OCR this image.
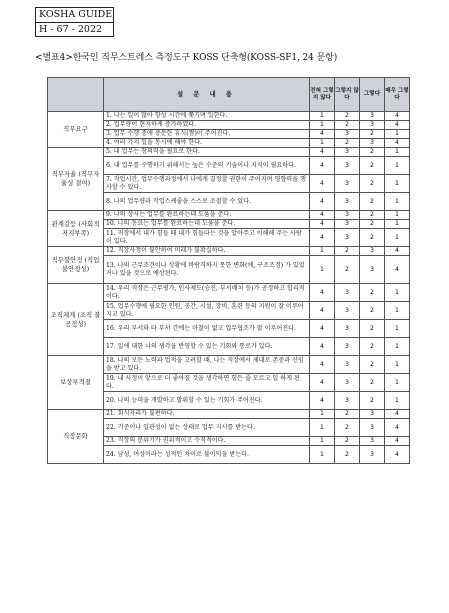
KOSHA GUIDE
H - 67 - 2022
<별표4>한국인 직무스트레스 측정도구 KOSS 단축형(KOSS-SF1, 24 문항)
	설 문 내 용	전혀 그렇지 않다	그렇지 않다	그렇다	매우 그렇다
직무요구	1. 나는 일이 많아 항상 시간에 쫓기며 일한다.	1	2	3	4
	2. 업무량이 현저하게 증가하였다.	1	2	3	4
	3. 업무 수행 중에 충분한 휴식(짬)이 주어진다.	4	3	2	1
	4. 여러 가지 일을 동시에 해야 한다.	1	2	3	4
직무자율 (직무자율성 결여)	5. 내 업무는 창의력을 필요로 한다.	4	3	2	1
	6. 내 업무를 수행하기 위해서는 높은 수준의 기술이나 지식이 필요하다.	4	3	2	1
	7. 작업시간, 업무수행과정에서 나에게 결정할 권한이 주어지며 영향력을 행사할 수 있다.	4	3	2	1
	8. 나의 업무량과 작업스케줄을 스스로 조절할 수 있다.	4	3	2	1
관계갈등 (사회적 지지부족)	9. 나의 상사는 업무를 완료하는데 도움을 준다.	4	3	2	1
	10. 나의 동료는 업무를 완료하는데 도움을 준다.	4	3	2	1
	11. 직장에서 내가 힘들 때 내가 힘들다는 것을 알아주고 이해해 주는 사람이 있다.	4	3	2	1
직무불안정 (직업불안정성)	12. 직장사정이 불안하여 미래가 불확실하다.	1	2	3	4
	13. 나의 근무조건이나 상황에 바람직하지 못한 변화(예, 구조조정) 가 있었거나 있을 것으로 예상된다.	1	2	3	4
조직체계 (조직 불공정성)	14. 우리 직장은 근무평가, 인사제도(승진, 부서배치 등)가 공정하고 합리적이다.	4	3	2	1
	15. 업무수행에 필요한 인원, 공간, 시설, 장비, 훈련 등의 지원이 잘 이루어지고 있다.	4	3	2	1
	16. 우리 부서와 타 부서 간에는 마찰이 없고 업무협조가 잘 이루어진다.	4	3	2	1
	17. 일에 대한 나의 생각을 반영할 수 있는 기회와 통로가 있다.	4	3	2	1
보상부적절	18. 나의 모든 노력과 업적을 고려할 때, 나는 직장에서 제대로 존중과 신임을 받고 있다.	4	3	2	1
	19. 내 사정이 앞으로 더 좋아질 것을 생각하면 힘든 줄 모르고 일 하게 된다.	4	3	2	1
	20. 나의 능력을 개발하고 발휘할 수 있는 기회가 주어진다.	4	3	2	1
직장문화	21. 회식자리가 불편하다.	1	2	3	4
	22. 기준이나 일관성이 없는 상태로 업무 지시를 받는다.	1	2	3	4
	23. 직장의 분위기가 권위적이고 수직적이다.	1	2	3	4
	24. 남성, 여성이라는 성적인 차이로 불이익을 받는다.	1	2	3	4
